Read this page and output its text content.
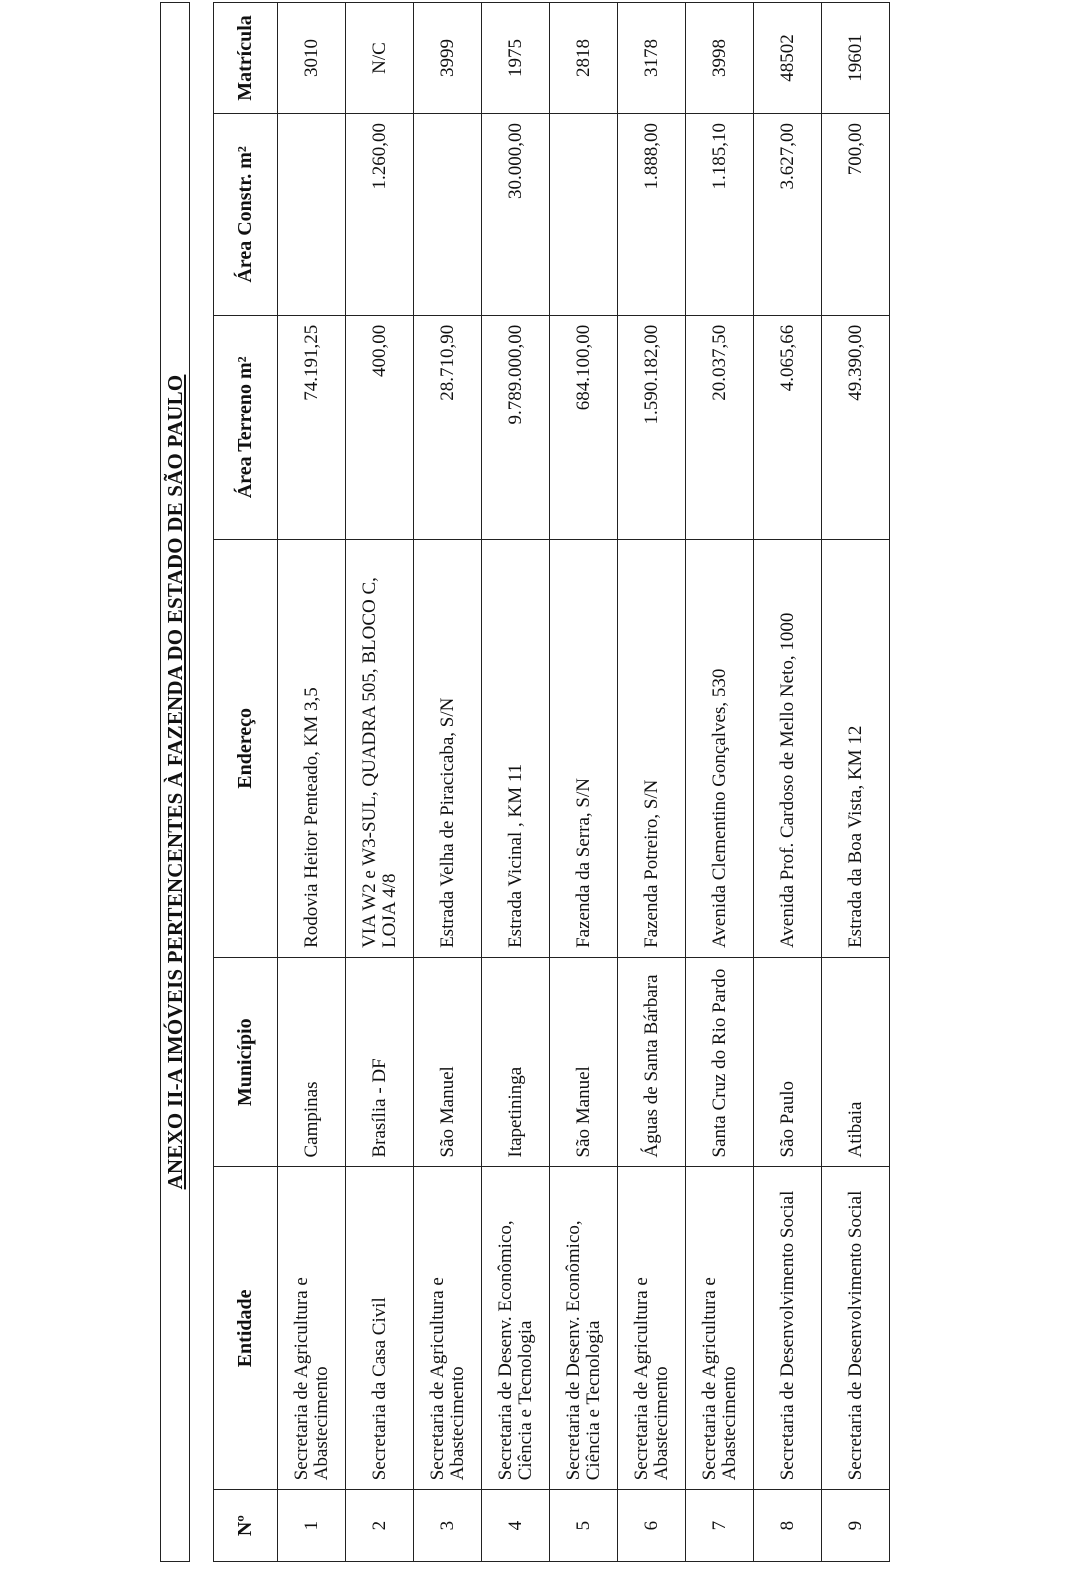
ANEXO II-A IMÓVEIS PERTENCENTES À FAZENDA DO ESTADO DE SÃO PAULO
Nº	Entidade	Município	Endereço	Área Terreno m²	Área Constr. m²	Matrícula
1	Secretaria de Agricultura e Abastecimento	Campinas	Rodovia Heitor Penteado, KM 3,5	74.191,25		3010
2	Secretaria da Casa Civil	Brasília - DF	VIA W2 e W3-SUL, QUADRA 505, BLOCO C, LOJA 4/8	400,00	1.260,00	N/C
3	Secretaria de Agricultura e Abastecimento	São Manuel	Estrada Velha de Piracicaba, S/N	28.710,90		3999
4	Secretaria de Desenv. Econômico, Ciência e Tecnologia	Itapetininga	Estrada Vicinal , KM 11	9.789.000,00	30.000,00	1975
5	Secretaria de Desenv. Econômico, Ciência e Tecnologia	São Manuel	Fazenda da Serra, S/N	684.100,00		2818
6	Secretaria de Agricultura e Abastecimento	Águas de Santa Bárbara	Fazenda Potreiro, S/N	1.590.182,00	1.888,00	3178
7	Secretaria de Agricultura e Abastecimento	Santa Cruz do Rio Pardo	Avenida Clementino Gonçalves, 530	20.037,50	1.185,10	3998
8	Secretaria de Desenvolvimento Social	São Paulo	Avenida Prof. Cardoso de Mello Neto, 1000	4.065,66	3.627,00	48502
9	Secretaria de Desenvolvimento Social	Atibaia	Estrada da Boa Vista, KM 12	49.390,00	700,00	19601
